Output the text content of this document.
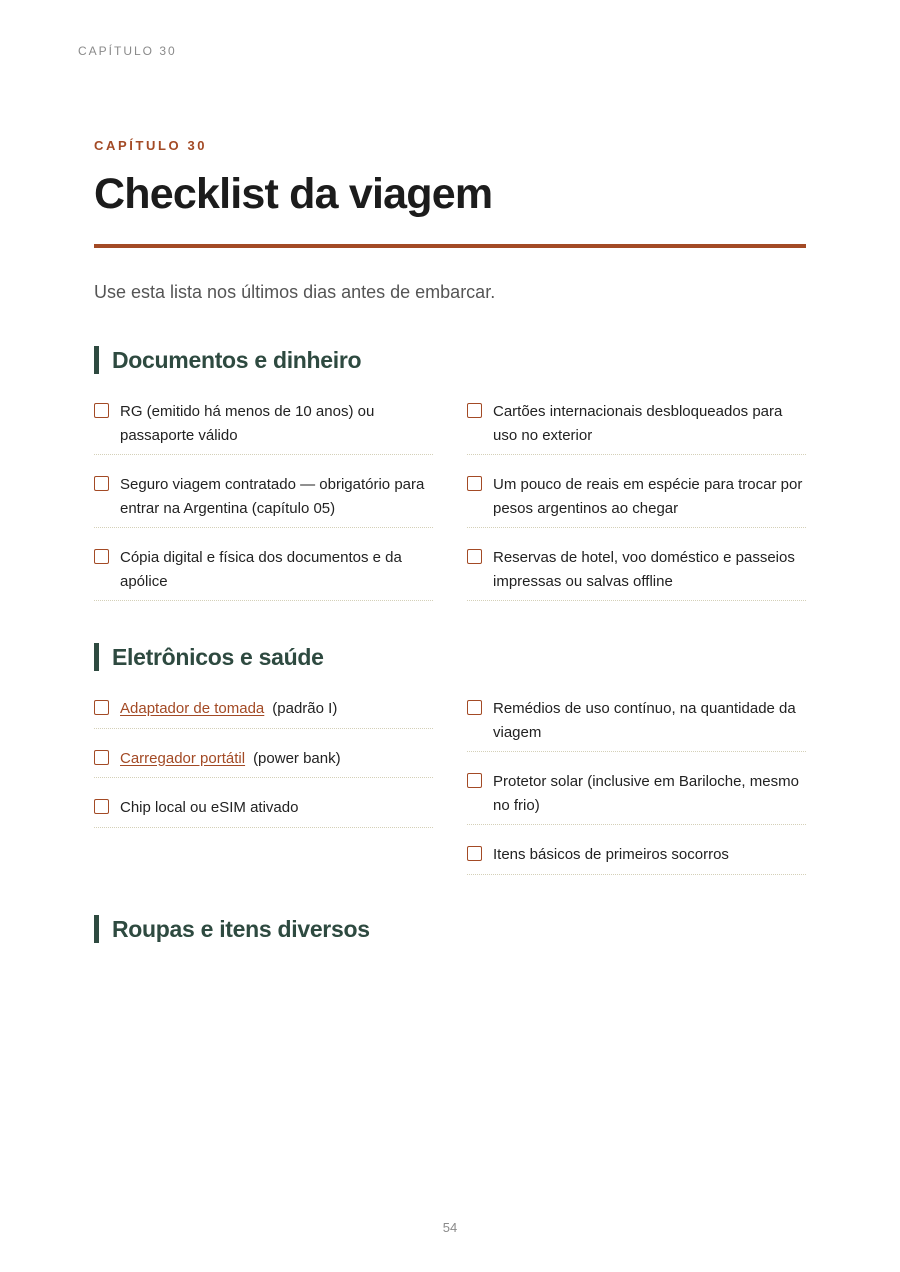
CAPÍTULO 30

CAPÍTULO 30

Checklist da viagem

Use esta lista nos últimos dias antes de embarcar.

Documentos e dinheiro
RG (emitido há menos de 10 anos) ou passaporte válido
Seguro viagem contratado — obrigatório para entrar na Argentina (capítulo 05)
Cópia digital e física dos documentos e da apólice
Cartões internacionais desbloqueados para uso no exterior
Um pouco de reais em espécie para trocar por pesos argentinos ao chegar
Reservas de hotel, voo doméstico e passeios impressas ou salvas offline
Eletrônicos e saúde
Adaptador de tomada (padrão I)
Carregador portátil (power bank)
Chip local ou eSIM ativado
Remédios de uso contínuo, na quantidade da viagem
Protetor solar (inclusive em Bariloche, mesmo no frio)
Itens básicos de primeiros socorros
Roupas e itens diversos
54
